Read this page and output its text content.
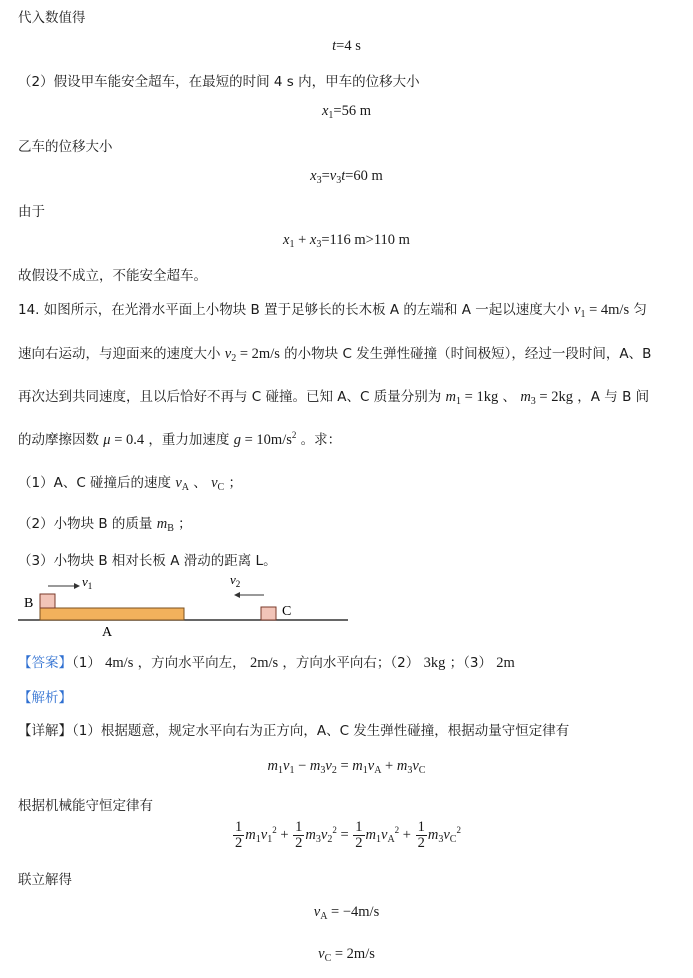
代入数值得
t=4 s
（2）假设甲车能安全超车，在最短的时间 4 s 内，甲车的位移大小
$x_1=56$ m
乙车的位移大小
$x_3=v_3t=60$ m
由于
$x_1 + x_3=116$ m>110 m
故假设不成立，不能安全超车。
14. 如图所示，在光滑水平面上小物块 B 置于足够长的长木板 A 的左端和 A 一起以速度大小 $v_1 = 4m/s$ 匀
速向右运动，与迎面来的速度大小 $v_2 = 2m/s$ 的小物块 C 发生弹性碰撞（时间极短），经过一段时间，A、B
再次达到共同速度，且以后恰好不再与 C 碰撞。已知 A、C 质量分别为 $m_1 = 1kg$ 、 $m_3 = 2kg$ ，A 与 B 间
的动摩擦因数 μ = 0.4 ，重力加速度 $g = 10m/s^2$ 。求：
（1）A、C 碰撞后的速度 $v_A$ 、 $v_C$ ；
（2）小物块 B 的质量 $m_B$ ；
（3）小物块 B 相对长板 A 滑动的距离 L。
$v_1$	$v_2$
B
A
C
【答案】（1） 4m/s ，方向水平向左， 2m/s ，方向水平向右；（2） 3kg ；（3） 2m
【解析】
【详解】（1）根据题意，规定水平向右为正方向，A、C 发生弹性碰撞，根据动量守恒定律有
$m_1v_1 - m_3v_2 = m_1v_A + m_3v_C$
根据机械能守恒定律有
$\frac{1}{2} m_1v_1^2 + \frac{1}{2} m_3v_2^2 = \frac{1}{2} m_1v_A^2 + \frac{1}{2} m_3v_C^2$
联立解得
$v_A = -4m/s$
$v_C = 2m/s$
